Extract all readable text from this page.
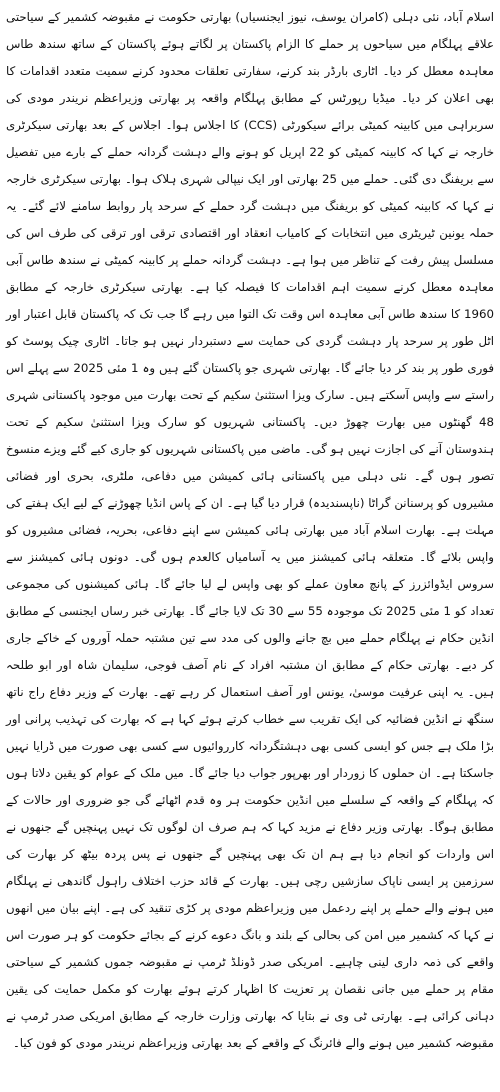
اسلام آباد، نئی دہلی (کامران یوسف، نیوز ایجنسیاں) بھارتی حکومت نے مقبوضہ کشمیر کے سیاحتی علاقے پہلگام میں سیاحوں پر حملے کا الزام پاکستان پر لگاتے ہوئے پاکستان کے ساتھ سندھ طاس معاہدہ معطل کر دیا۔ اٹاری بارڈر بند کرنے، سفارتی تعلقات محدود کرنے سمیت متعدد اقدامات کا بھی اعلان کر دیا۔ میڈیا رپورٹس کے مطابق پہلگام واقعہ پر بھارتی وزیراعظم نریندر مودی کی سربراہی میں کابینہ کمیٹی برائے سیکورٹی (CCS) کا اجلاس ہوا۔ اجلاس کے بعد بھارتی سیکرٹری خارجہ نے کہا کہ کابینہ کمیٹی کو 22 اپریل کو ہونے والے دہشت گردانہ حملے کے بارے میں تفصیل سے بریفنگ دی گئی۔ حملے میں 25 بھارتی اور ایک نیپالی شہری ہلاک ہوا۔ بھارتی سیکرٹری خارجہ نے کہا کہ کابینہ کمیٹی کو بریفنگ میں دہشت گرد حملے کے سرحد پار روابط سامنے لائے گئے۔ یہ حملہ یونین ٹیریٹری میں انتخابات کے کامیاب انعقاد اور اقتصادی ترقی اور ترقی کی طرف اس کی مسلسل پیش رفت کے تناظر میں ہوا ہے۔ دہشت گردانہ حملے پر کابینہ کمیٹی نے سندھ طاس آبی معاہدہ معطل کرنے سمیت اہم اقدامات کا فیصلہ کیا ہے۔ بھارتی سیکرٹری خارجہ کے مطابق 1960 کا سندھ طاس آبی معاہدہ اس وقت تک التوا میں رہے گا جب تک کہ پاکستان قابل اعتبار اور اٹل طور پر سرحد پار دہشت گردی کی حمایت سے دستبردار نہیں ہو جاتا۔ اٹاری چیک پوسٹ کو فوری طور پر بند کر دیا جائے گا۔ بھارتی شہری جو پاکستان گئے ہیں وہ 1 مئی 2025 سے پہلے اس راستے سے واپس آسکتے ہیں۔ سارک ویزا استثنیٰ سکیم کے تحت بھارت میں موجود پاکستانی شہری 48 گھنٹوں میں بھارت چھوڑ دیں۔ پاکستانی شہریوں کو سارک ویزا استثنیٰ سکیم کے تحت ہندوستان آنے کی اجازت نہیں ہو گی۔ ماضی میں پاکستانی شہریوں کو جاری کیے گئے ویزے منسوخ تصور ہوں گے۔ نئی دہلی میں پاکستانی ہائی کمیشن میں دفاعی، ملٹری، بحری اور فضائی مشیروں کو پرسنانن گراٹا (ناپسندیدہ) قرار دیا گیا ہے۔ ان کے پاس انڈیا چھوڑنے کے لیے ایک ہفتے کی مہلت ہے۔ بھارت اسلام آباد میں بھارتی ہائی کمیشن سے اپنے دفاعی، بحریہ، فضائی مشیروں کو واپس بلائے گا۔ متعلقہ ہائی کمیشنز میں یہ آسامیاں کالعدم ہوں گی۔ دونوں ہائی کمیشنز سے سروس ایڈوائزرز کے پانچ معاون عملے کو بھی واپس لے لیا جائے گا۔ ہائی کمیشنوں کی مجموعی تعداد کو 1 مئی 2025 تک موجودہ 55 سے 30 تک لایا جائے گا۔ بھارتی خبر رساں ایجنسی کے مطابق انڈین حکام نے پہلگام حملے میں بچ جانے والوں کی مدد سے تین مشتبہ حملہ آوروں کے خاکے جاری کر دیے۔ بھارتی حکام کے مطابق ان مشتبہ افراد کے نام آصف فوجی، سلیمان شاہ اور ابو طلحہ ہیں۔ یہ اپنی عرفیت موسیٰ، یونس اور آصف استعمال کر رہے تھے۔ بھارت کے وزیر دفاع راج ناتھ سنگھ نے انڈین فضائیہ کی ایک تقریب سے خطاب کرتے ہوئے کہا ہے کہ بھارت کی تہذیب پرانی اور بڑا ملک ہے جس کو ایسی کسی بھی دہشتگردانہ کارروائیوں سے کسی بھی صورت میں ڈرایا نہیں جاسکتا ہے۔ ان حملوں کا زوردار اور بھرپور جواب دیا جائے گا۔ میں ملک کے عوام کو یقین دلاتا ہوں کہ پہلگام کے واقعہ کے سلسلے میں انڈین حکومت ہر وہ قدم اٹھائے گی جو ضروری اور حالات کے مطابق ہوگا۔ بھارتی وزیر دفاع نے مزید کہا کہ ہم صرف ان لوگوں تک نہیں پہنچیں گے جنھوں نے اس واردات کو انجام دیا ہے ہم ان تک بھی پہنچیں گے جنھوں نے پس پردہ بیٹھ کر بھارت کی سرزمین پر ایسی ناپاک سازشیں رچی ہیں۔ بھارت کے قائد حزب اختلاف راہول گاندھی نے پہلگام میں ہونے والے حملے پر اپنے ردعمل میں وزیراعظم مودی پر کڑی تنقید کی ہے۔ اپنے بیان میں انھوں نے کہا کہ کشمیر میں امن کی بحالی کے بلند و بانگ دعوے کرنے کے بجائے حکومت کو ہر صورت اس واقعے کی ذمہ داری لینی چاہیے۔ امریکی صدر ڈونلڈ ٹرمپ نے مقبوضہ جموں کشمیر کے سیاحتی مقام پر حملے میں جانی نقصان پر تعزیت کا اظہار کرتے ہوئے بھارت کو مکمل حمایت کی یقین دہانی کرائی ہے۔ بھارتی ٹی وی نے بتایا کہ بھارتی وزارت خارجہ کے مطابق امریکی صدر ٹرمپ نے مقبوضہ کشمیر میں ہونے والے فائرنگ کے واقعے کے بعد بھارتی وزیراعظم نریندر مودی کو فون کیا۔
